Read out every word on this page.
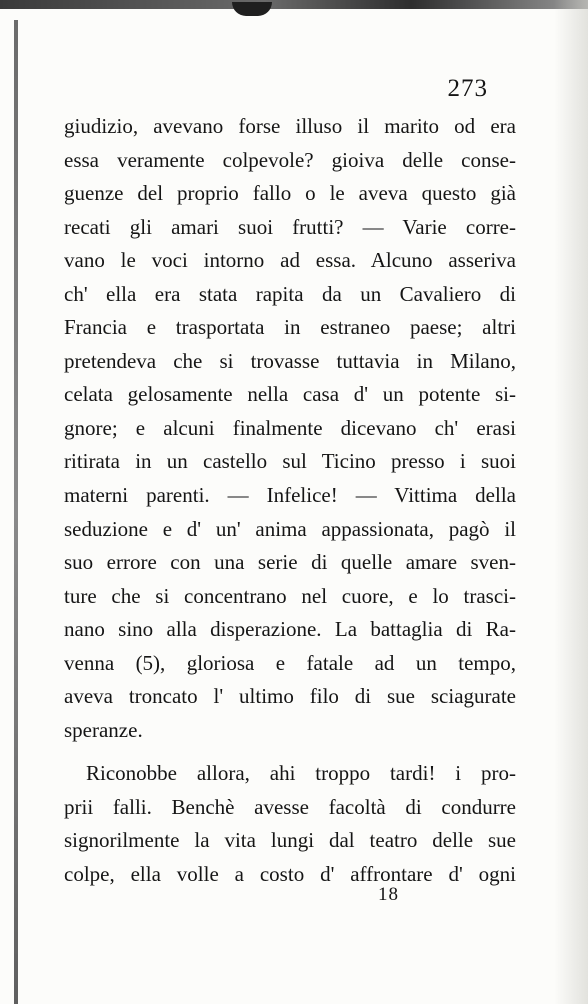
273
giudizio, avevano forse illuso il marito od era
essa veramente colpevole? gioiva delle conse-
guenze del proprio fallo o le aveva questo già
recati gli amari suoi frutti? — Varie corre-
vano le voci intorno ad essa. Alcuno asseriva
ch' ella era stata rapita da un Cavaliero di
Francia e trasportata in estraneo paese; altri
pretendeva che si trovasse tuttavia in Milano,
celata gelosamente nella casa d' un potente si-
gnore; e alcuni finalmente dicevano ch' erasi
ritirata in un castello sul Ticino presso i suoi
materni parenti. — Infelice! — Vittima della
seduzione e d' un' anima appassionata, pagò il
suo errore con una serie di quelle amare sven-
ture che si concentrano nel cuore, e lo trasci-
nano sino alla disperazione. La battaglia di Ra-
venna (5), gloriosa e fatale ad un tempo,
aveva troncato l' ultimo filo di sue sciagurate
speranze.
Riconobbe allora, ahi troppo tardi! i pro-
prii falli. Benchè avesse facoltà di condurre
signorilmente la vita lungi dal teatro delle sue
colpe, ella volle a costo d' affrontare d' ogni
18
